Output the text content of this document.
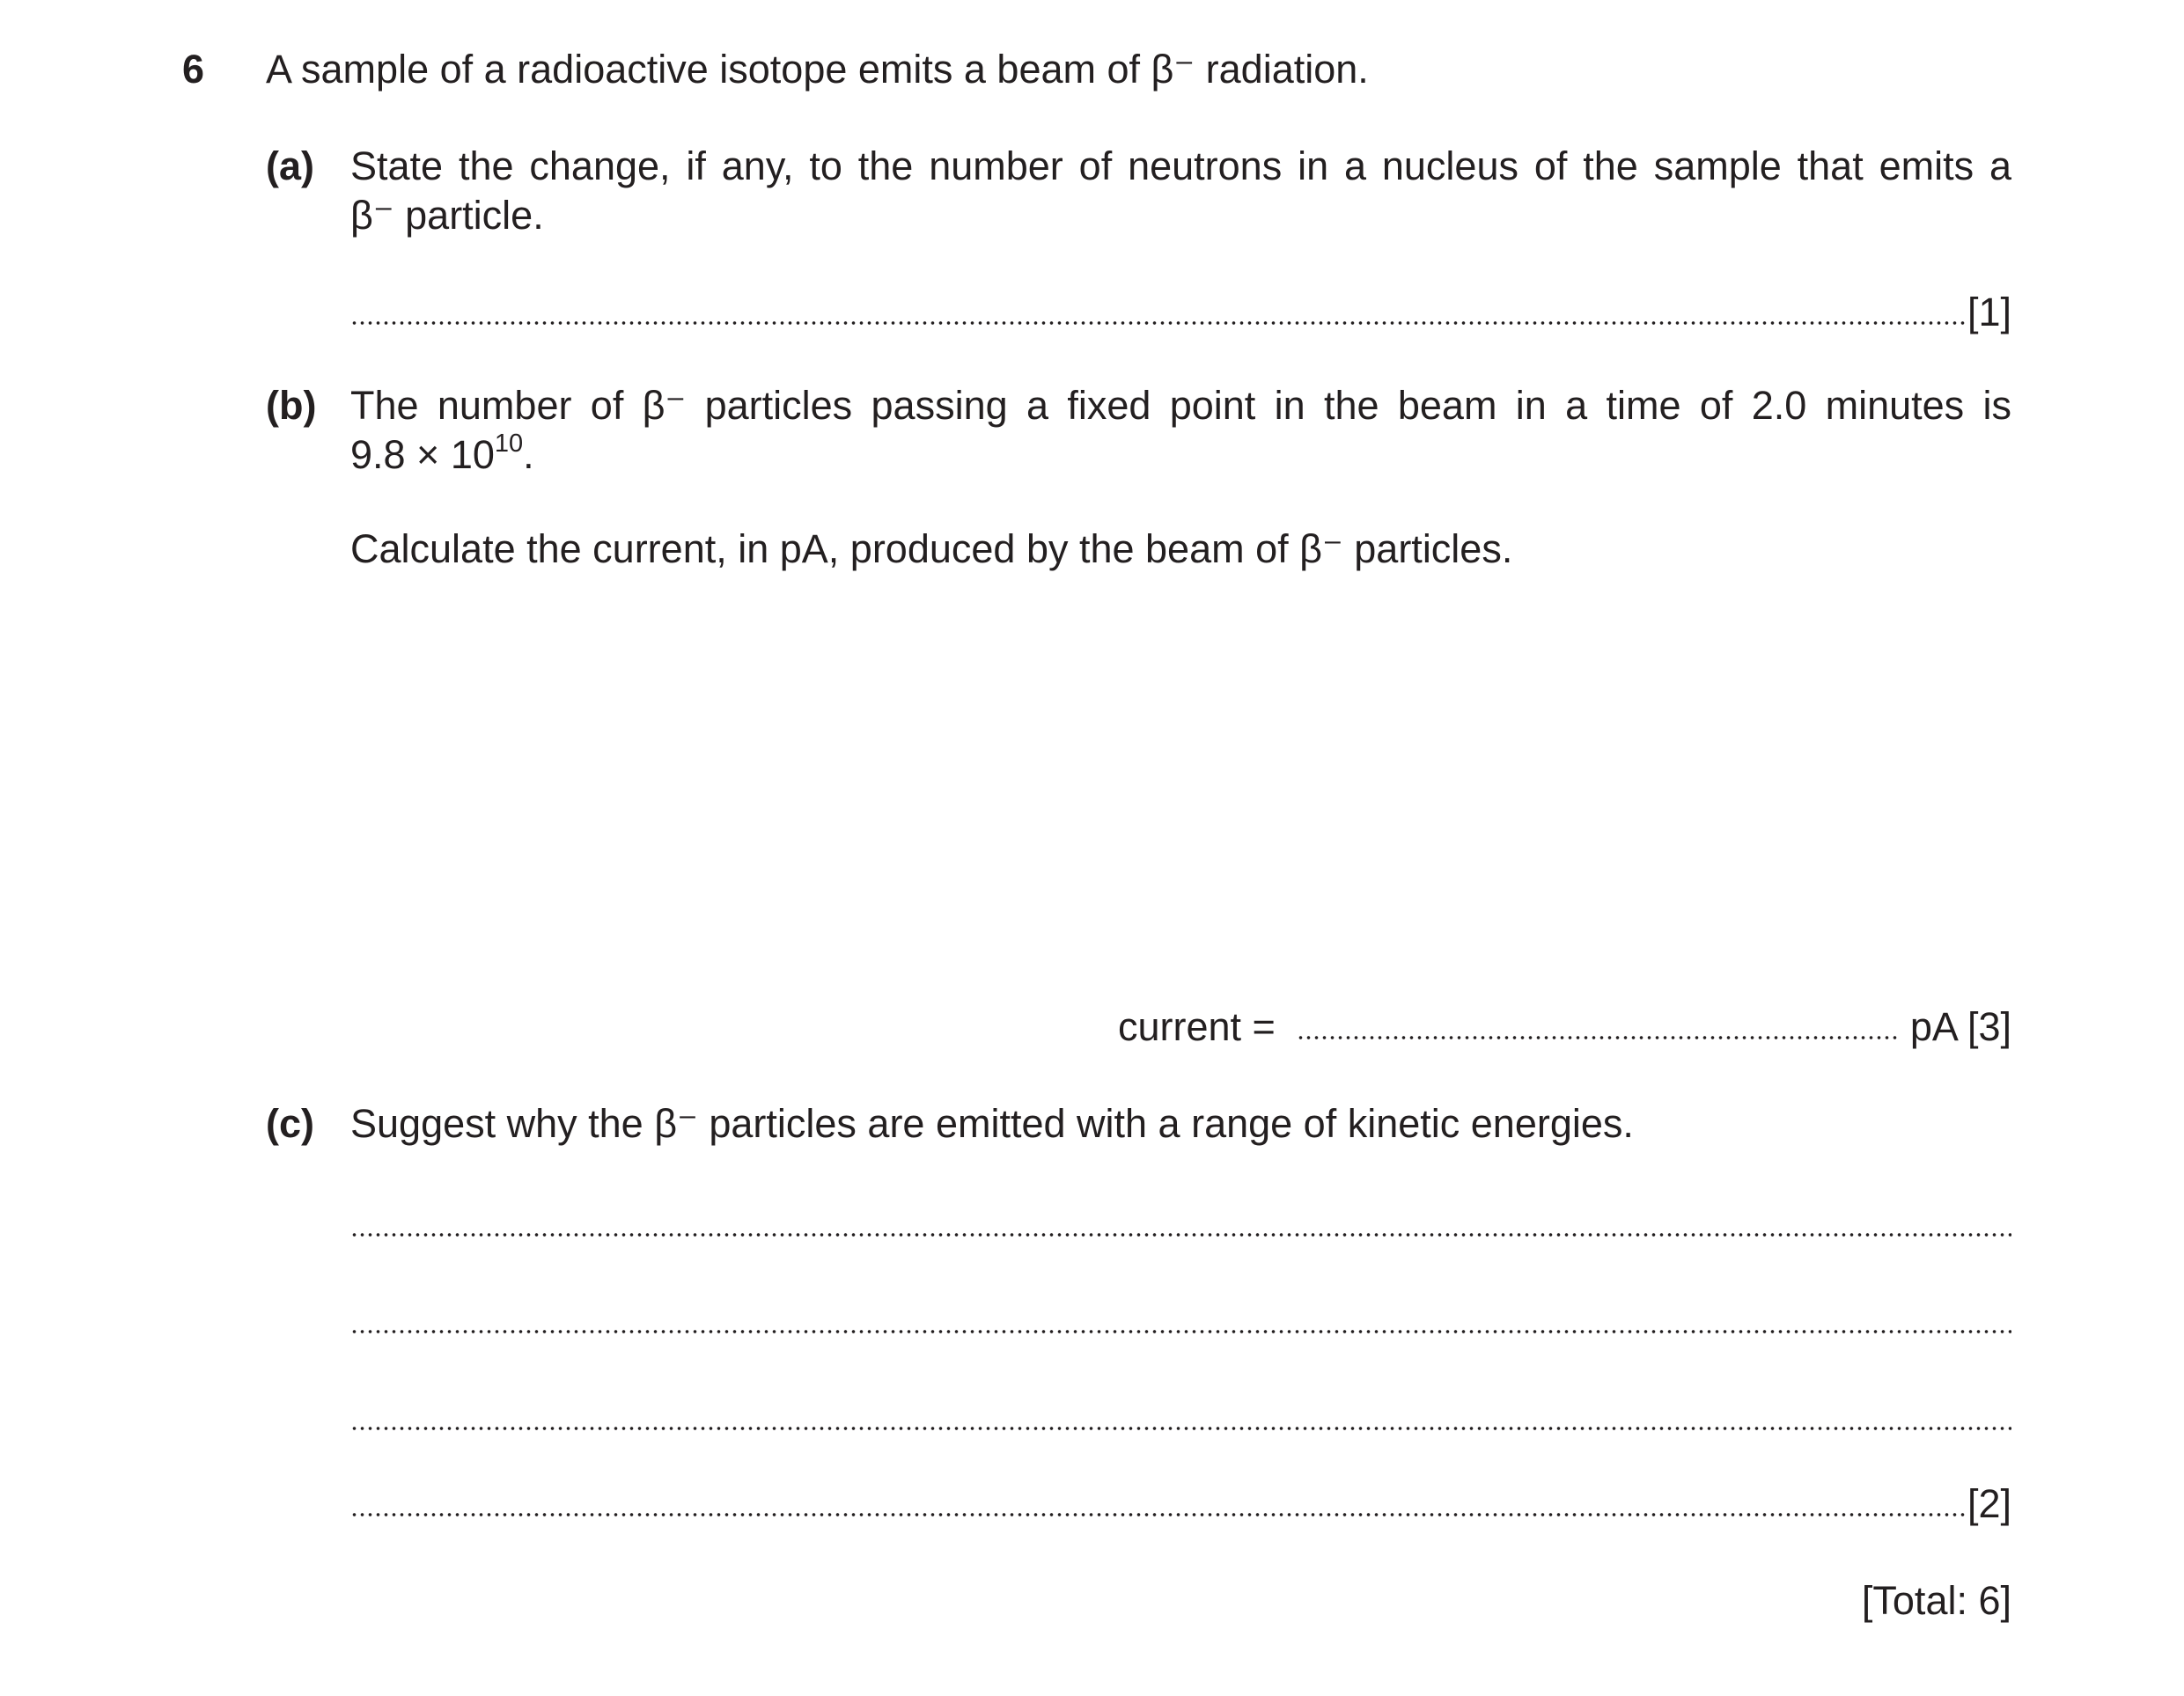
6 A sample of a radioactive isotope emits a beam of β⁻ radiation.
(a) State the change, if any, to the number of neutrons in a nucleus of the sample that emits a
β⁻ particle.
[1]
(b) The number of β⁻ particles passing a fixed point in the beam in a time of 2.0 minutes is
$9.8 \times 10^{10}$.
Calculate the current, in pA, produced by the beam of β⁻ particles.
current =	pA [3]
(c) Suggest why the β⁻ particles are emitted with a range of kinetic energies.
[2]
[Total: 6]
